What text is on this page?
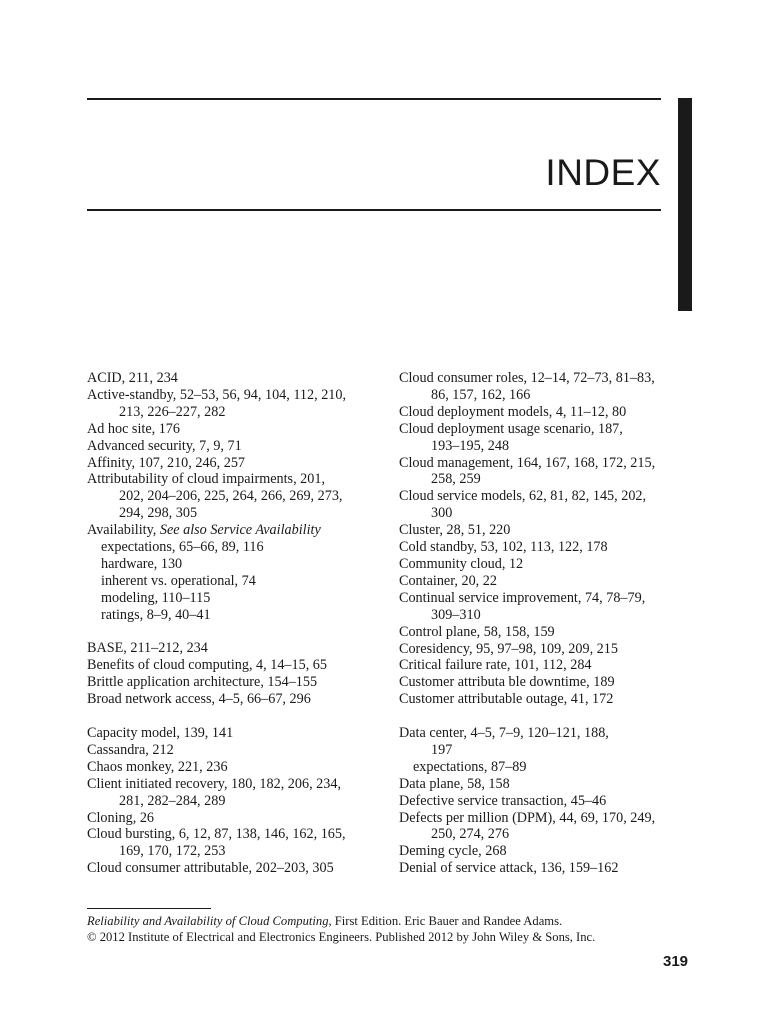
INDEX
ACID, 211, 234
Active-standby, 52–53, 56, 94, 104, 112, 210,
213, 226–227, 282
Ad hoc site, 176
Advanced security, 7, 9, 71
Affinity, 107, 210, 246, 257
Attributability of cloud impairments, 201,
202, 204–206, 225, 264, 266, 269, 273,
294, 298, 305
Availability, See also Service Availability
expectations, 65–66, 89, 116
hardware, 130
inherent vs. operational, 74
modeling, 110–115
ratings, 8–9, 40–41
BASE, 211–212, 234
Benefits of cloud computing, 4, 14–15, 65
Brittle application architecture, 154–155
Broad network access, 4–5, 66–67, 296
Capacity model, 139, 141
Cassandra, 212
Chaos monkey, 221, 236
Client initiated recovery, 180, 182, 206, 234,
281, 282–284, 289
Cloning, 26
Cloud bursting, 6, 12, 87, 138, 146, 162, 165,
169, 170, 172, 253
Cloud consumer attributable, 202–203, 305
Cloud consumer roles, 12–14, 72–73, 81–83,
86, 157, 162, 166
Cloud deployment models, 4, 11–12, 80
Cloud deployment usage scenario, 187,
193–195, 248
Cloud management, 164, 167, 168, 172, 215,
258, 259
Cloud service models, 62, 81, 82, 145, 202,
300
Cluster, 28, 51, 220
Cold standby, 53, 102, 113, 122, 178
Community cloud, 12
Container, 20, 22
Continual service improvement, 74, 78–79,
309–310
Control plane, 58, 158, 159
Coresidency, 95, 97–98, 109, 209, 215
Critical failure rate, 101, 112, 284
Customer attributa ble downtime, 189
Customer attributable outage, 41, 172
Data center, 4–5, 7–9, 120–121, 188,
197
expectations, 87–89
Data plane, 58, 158
Defective service transaction, 45–46
Defects per million (DPM), 44, 69, 170, 249,
250, 274, 276
Deming cycle, 268
Denial of service attack, 136, 159–162
Reliability and Availability of Cloud Computing, First Edition. Eric Bauer and Randee Adams.
© 2012 Institute of Electrical and Electronics Engineers. Published 2012 by John Wiley & Sons, Inc.
319
